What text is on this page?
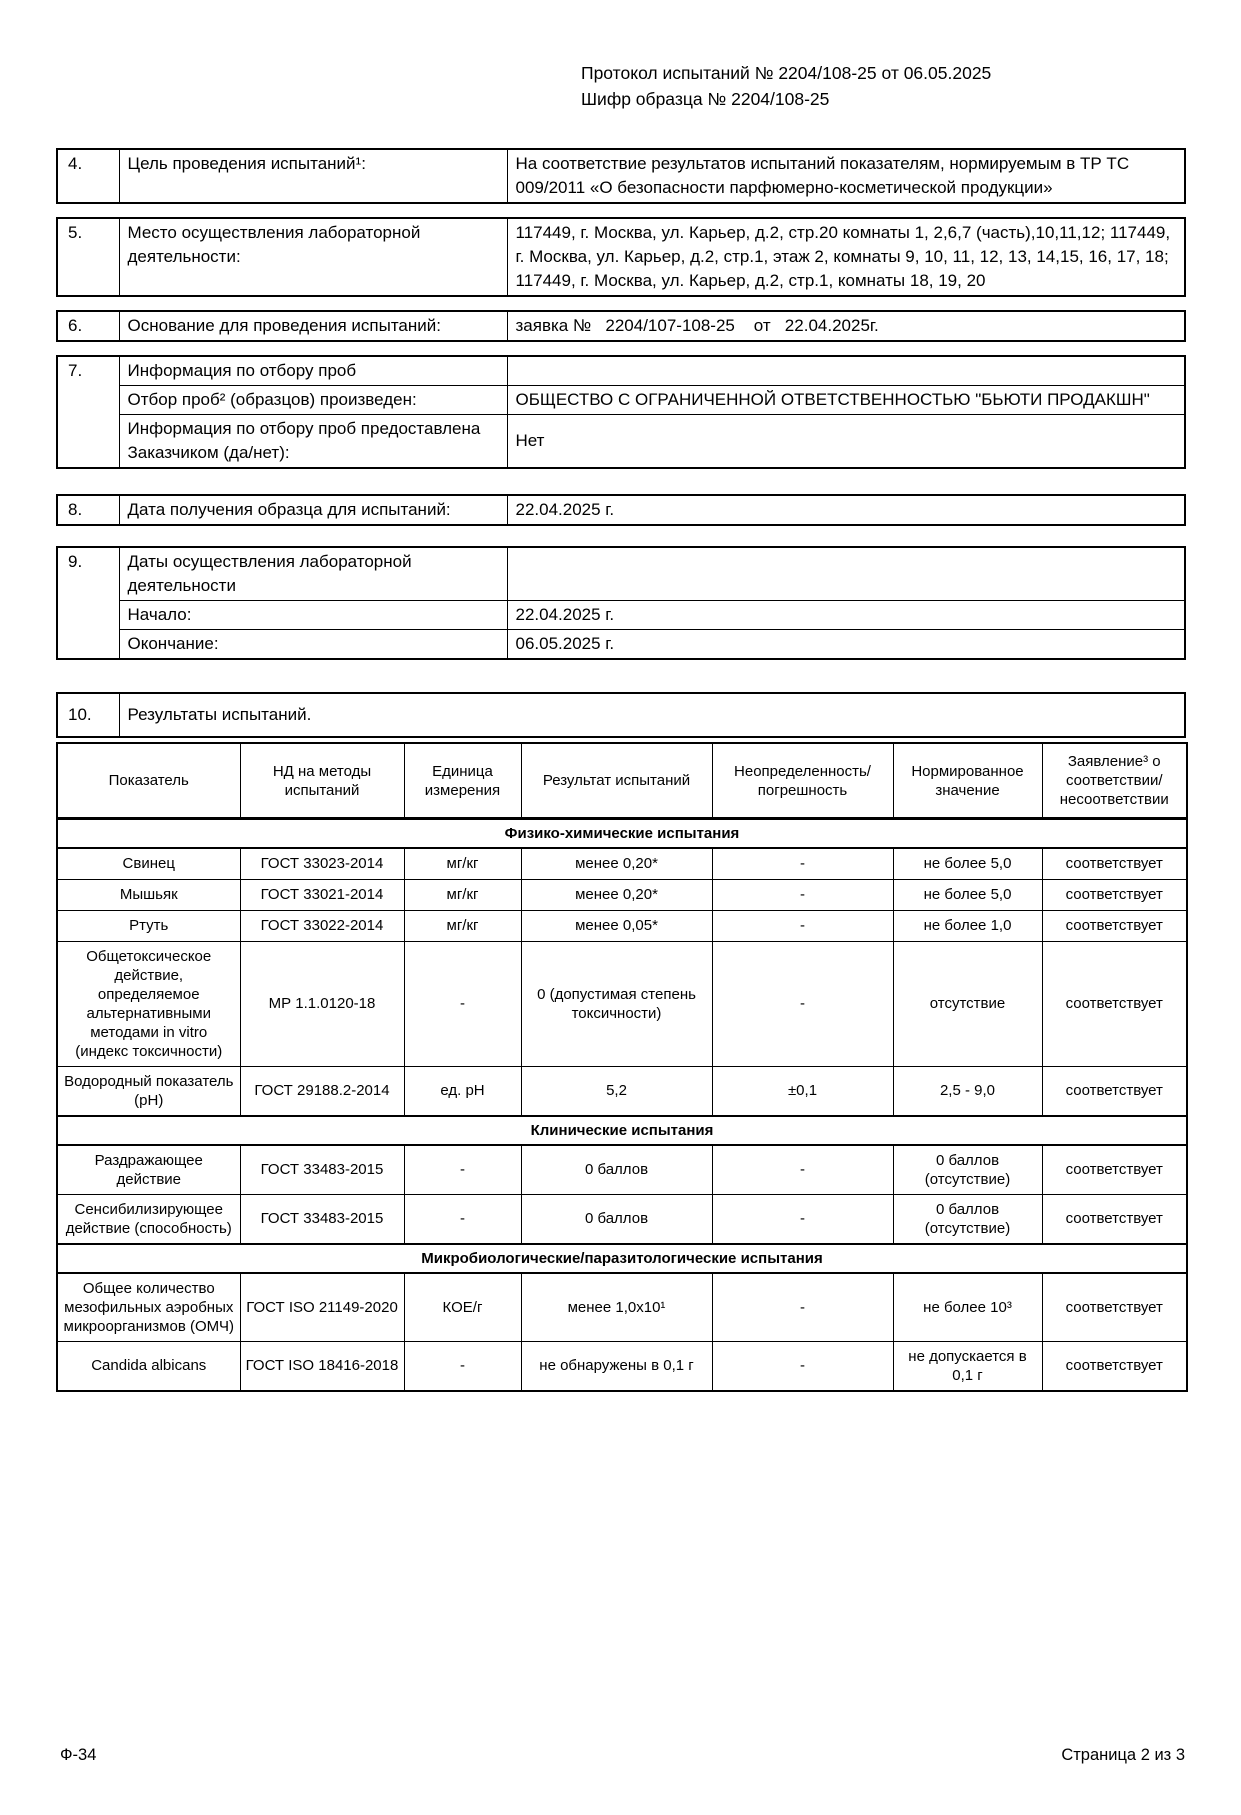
Протокол испытаний № 2204/108-25 от 06.05.2025
Шифр образца № 2204/108-25
4.	Цель проведения испытаний¹:	На соответствие результатов испытаний показателям, нормируемым в ТР ТС 009/2011 «О безопасности парфюмерно-косметической продукции»
5.	Место осуществления лабораторной деятельности:	117449, г. Москва, ул. Карьер, д.2, стр.20 комнаты 1, 2,6,7 (часть),10,11,12; 117449, г. Москва, ул. Карьер, д.2, стр.1, этаж 2, комнаты 9, 10, 11, 12, 13, 14,15, 16, 17, 18; 117449, г. Москва, ул. Карьер, д.2, стр.1, комнаты 18, 19, 20
6.	Основание для проведения испытаний:	заявка №   2204/107-108-25    от   22.04.2025г.
7.	Информация по отбору проб	
	Отбор проб² (образцов) произведен:	ОБЩЕСТВО С ОГРАНИЧЕННОЙ ОТВЕТСТВЕННОСТЬЮ "БЬЮТИ ПРОДАКШН"
	Информация по отбору проб предоставлена Заказчиком (да/нет):	Нет
8.	Дата получения образца для испытаний:	22.04.2025 г.
9.	Даты осуществления лабораторной деятельности	
	Начало:	22.04.2025 г.
	Окончание:	06.05.2025 г.
10.	Результаты испытаний.
Показатель	НД на методы испытаний	Единица измерения	Результат испытаний	Неопределенность/ погрешность	Нормированное значение	Заявление³ о соответствии/ несоответствии
Физико-химические испытания						
Свинец	ГОСТ 33023-2014	мг/кг	менее 0,20*	-	не более 5,0	соответствует
Мышьяк	ГОСТ 33021-2014	мг/кг	менее 0,20*	-	не более 5,0	соответствует
Ртуть	ГОСТ 33022-2014	мг/кг	менее 0,05*	-	не более 1,0	соответствует
Общетоксическое действие, определяемое альтернативными методами in vitro (индекс токсичности)	МР 1.1.0120-18	-	0 (допустимая степень токсичности)	-	отсутствие	соответствует
Водородный показатель (pH)	ГОСТ 29188.2-2014	ед. pH	5,2	±0,1	2,5 - 9,0	соответствует
Клинические испытания						
Раздражающее действие	ГОСТ 33483-2015	-	0 баллов	-	0 баллов (отсутствие)	соответствует
Сенсибилизирующее действие (способность)	ГОСТ 33483-2015	-	0 баллов	-	0 баллов (отсутствие)	соответствует
Микробиологические/паразитологические испытания						
Общее количество мезофильных аэробных микроорганизмов (ОМЧ)	ГОСТ ISO 21149-2020	КОЕ/г	менее 1,0x10¹	-	не более 10³	соответствует
Candida albicans	ГОСТ ISO 18416-2018	-	не обнаружены в 0,1 г	-	не допускается в 0,1 г	соответствует
Ф-34	Страница 2 из 3
